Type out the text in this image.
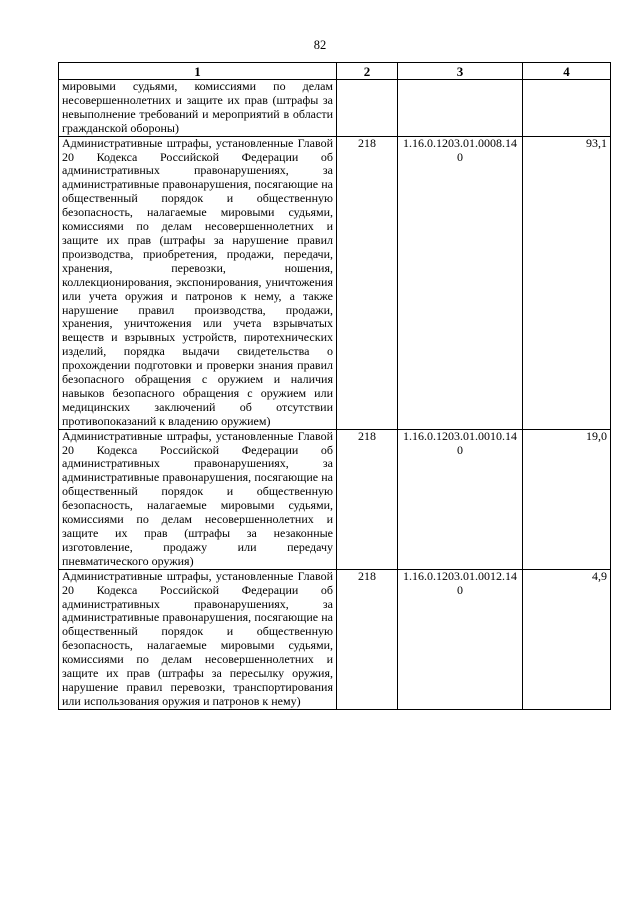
82
1	2	3	4
мировыми судьями, комиссиями по делам несовершеннолетних и защите их прав (штрафы за невыполнение требований и мероприятий в области гражданской обороны)			
Административные штрафы, установленные Главой 20 Кодекса Российской Федерации об административных правонарушениях, за административные правонарушения, посягающие на общественный порядок и общественную безопасность, налагаемые мировыми судьями, комиссиями по делам несовершеннолетних и защите их прав (штрафы за нарушение правил производства, приобретения, продажи, передачи, хранения, перевозки, ношения, коллекционирования, экспонирования, уничтожения или учета оружия и патронов к нему, а также нарушение правил производства, продажи, хранения, уничтожения или учета взрывчатых веществ и взрывных устройств, пиротехнических изделий, порядка выдачи свидетельства о прохождении подготовки и проверки знания правил безопасного обращения с оружием и наличия навыков безопасного обращения с оружием или медицинских заключений об отсутствии противопоказаний к владению оружием)	218	1.16.0.1203.01.0008.140	93,1
Административные штрафы, установленные Главой 20 Кодекса Российской Федерации об административных правонарушениях, за административные правонарушения, посягающие на общественный порядок и общественную безопасность, налагаемые мировыми судьями, комиссиями по делам несовершеннолетних и защите их прав (штрафы за незаконные изготовление, продажу или передачу пневматического оружия)	218	1.16.0.1203.01.0010.140	19,0
Административные штрафы, установленные Главой 20 Кодекса Российской Федерации об административных правонарушениях, за административные правонарушения, посягающие на общественный порядок и общественную безопасность, налагаемые мировыми судьями, комиссиями по делам несовершеннолетних и защите их прав (штрафы за пересылку оружия, нарушение правил перевозки, транспортирования или использования оружия и патронов к нему)	218	1.16.0.1203.01.0012.140	4,9
